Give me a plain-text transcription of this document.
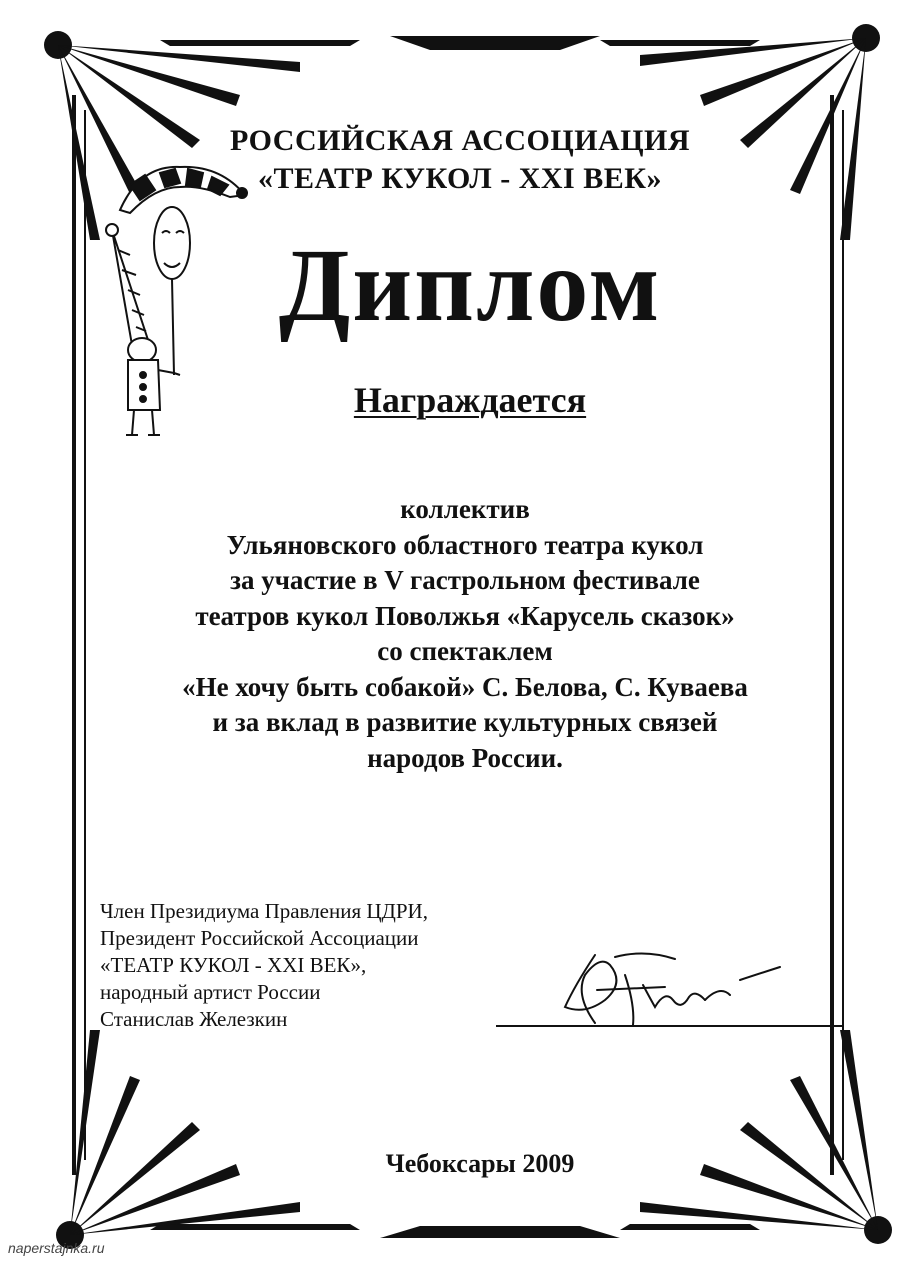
РОССИЙСКАЯ АССОЦИАЦИЯ
«ТЕАТР КУКОЛ - XXI ВЕК»
Диплом
Награждается
коллектив
Ульяновского областного театра кукол
за участие в V гастрольном фестивале
театров кукол Поволжья «Карусель сказок»
со спектаклем
«Не хочу быть собакой» С. Белова, С. Куваева
и за вклад в развитие культурных связей
народов России.
Член Президиума Правления ЦДРИ,
Президент Российской Ассоциации
«ТЕАТР КУКОЛ - XXI ВЕК»,
народный артист России
Станислав Железкин
Чебоксары 2009
naperstajnka.ru
